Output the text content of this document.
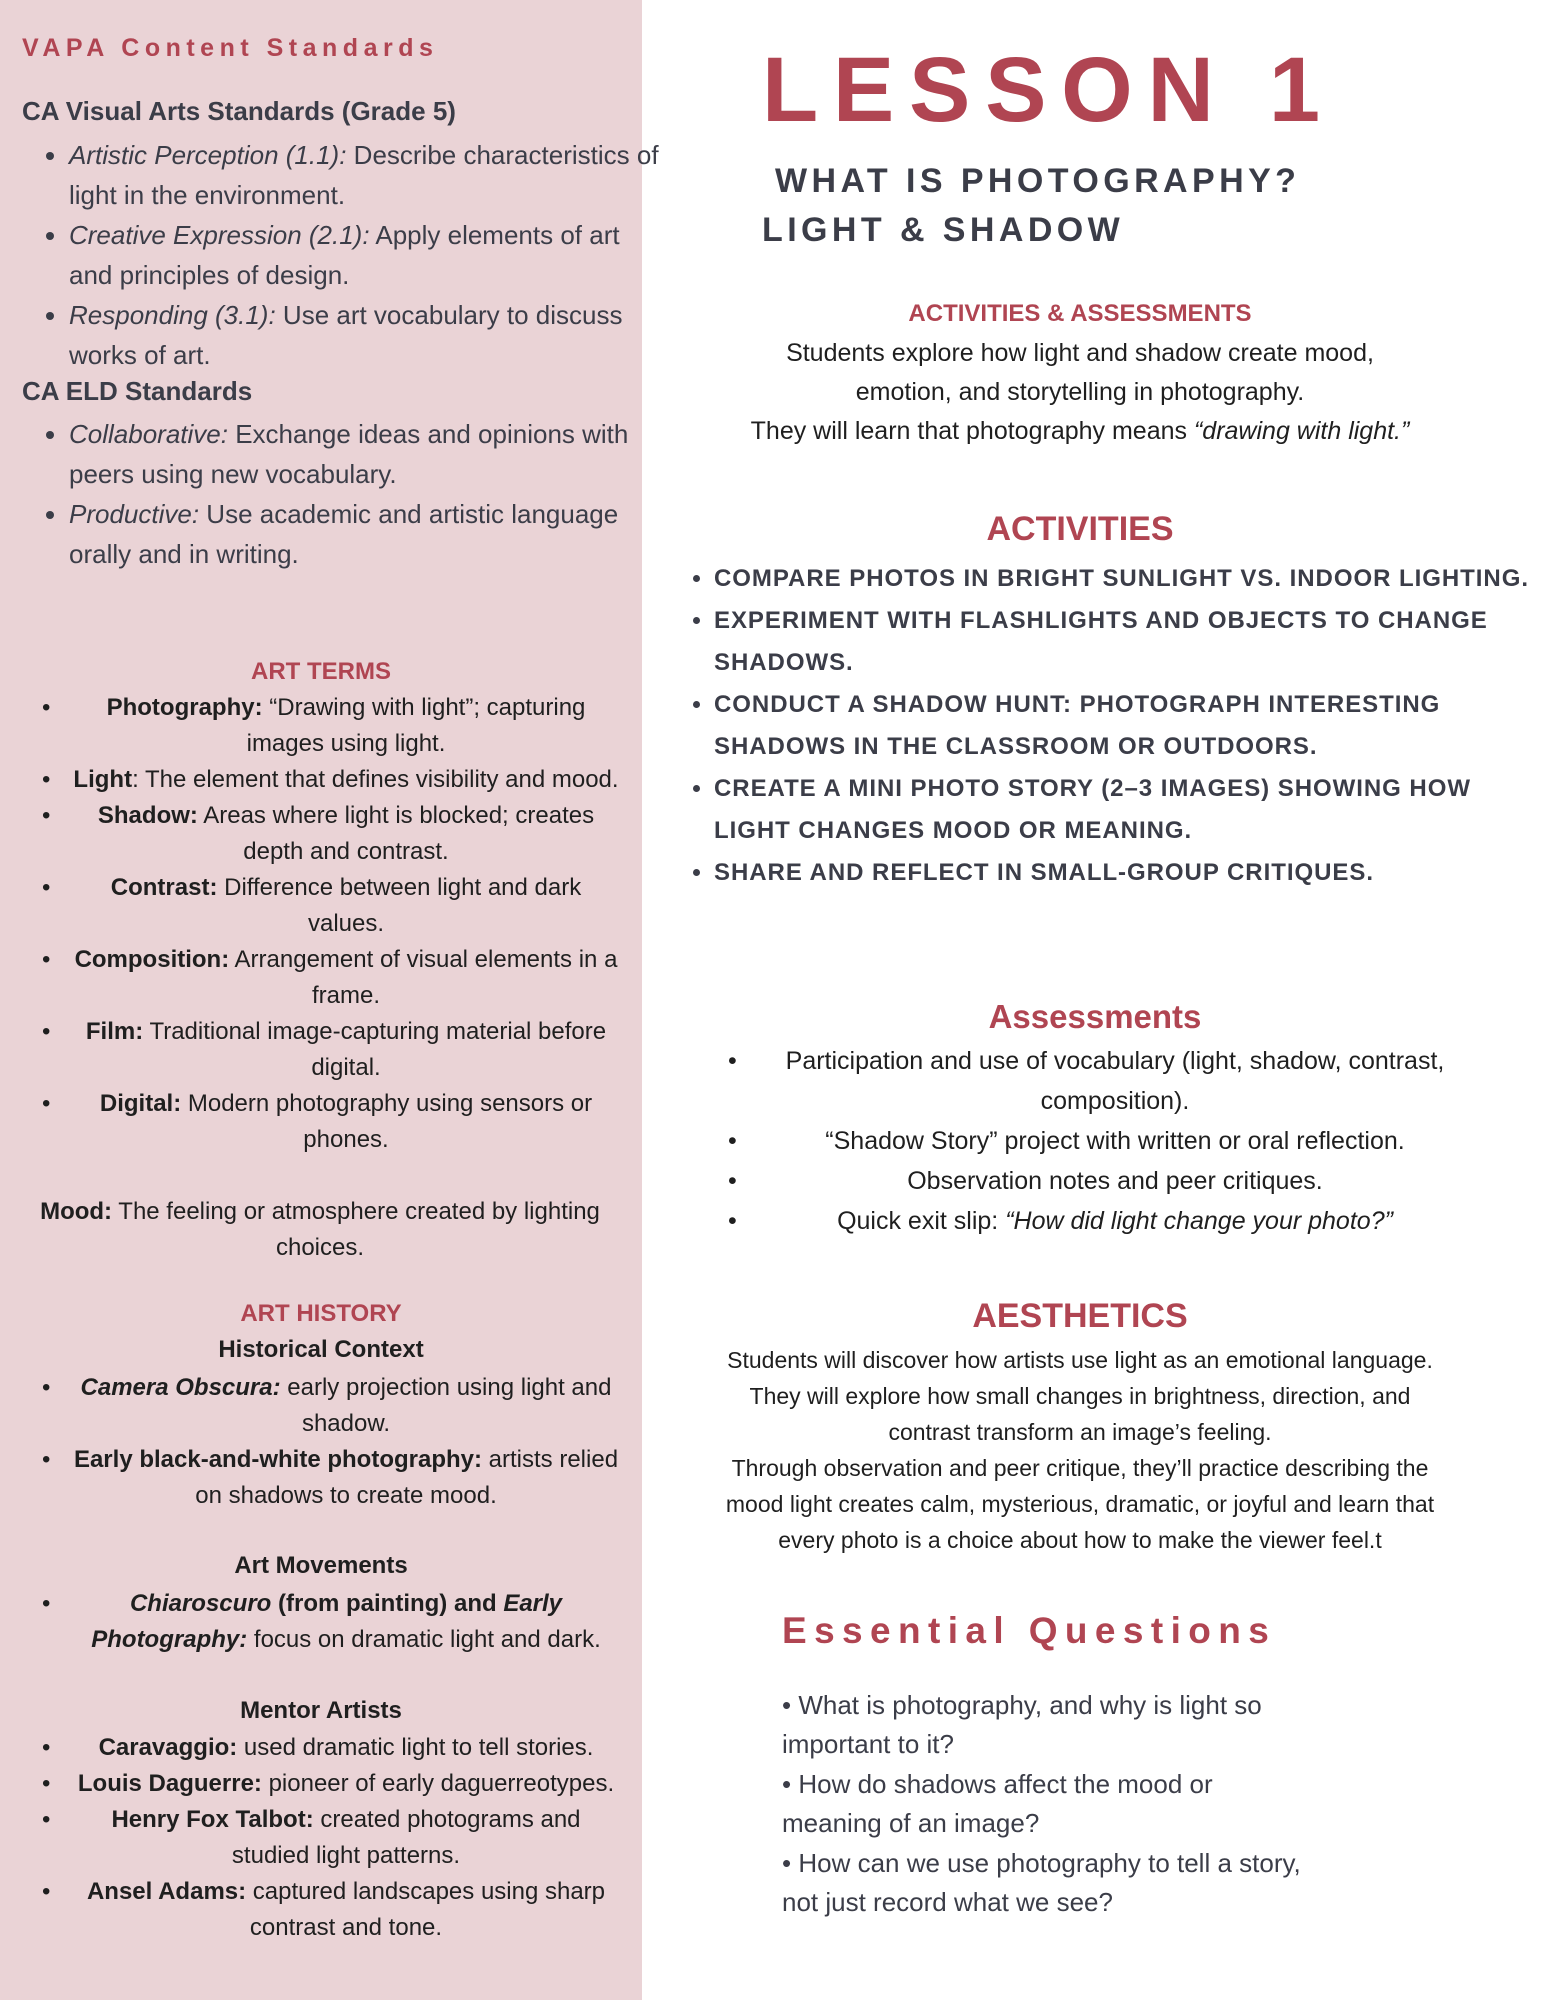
VAPA Content Standards
CA Visual Arts Standards (Grade 5)
• Artistic Perception (1.1): Describe characteristics of light in the environment.
• Creative Expression (2.1): Apply elements of art and principles of design.
• Responding (3.1): Use art vocabulary to discuss works of art.
CA ELD Standards
• Collaborative: Exchange ideas and opinions with peers using new vocabulary.
• Productive: Use academic and artistic language orally and in writing.
ART TERMS
• Photography: “Drawing with light”; capturing images using light.
• Light: The element that defines visibility and mood.
• Shadow: Areas where light is blocked; creates depth and contrast.
•	Contrast: Difference between light and dark values.
• Composition: Arrangement of visual elements in a frame.
• Film: Traditional image-capturing material before digital.
• Digital: Modern photography using sensors or phones.
Mood: The feeling or atmosphere created by lighting choices.
ART HISTORY
Historical Context
• Camera Obscura: early projection using light and shadow.
• Early black-and-white photography: artists relied on shadows to create mood.
Art Movements
•	Chiaroscuro (from painting) and Early Photography: focus on dramatic light and dark.
Mentor Artists
• Caravaggio: used dramatic light to tell stories.
• Louis Daguerre: pioneer of early daguerreotypes.
•	Henry Fox Talbot: created photograms and studied light patterns.
• Ansel Adams: captured landscapes using sharp contrast and tone.
LESSON 1
WHAT IS PHOTOGRAPHY?
LIGHT & SHADOW
ACTIVITIES & ASSESSMENTS
Students explore how light and shadow create mood,
emotion, and storytelling in photography.
They will learn that photography means “drawing with light.”
ACTIVITIES
• COMPARE PHOTOS IN BRIGHT SUNLIGHT VS. INDOOR LIGHTING.
• EXPERIMENT WITH FLASHLIGHTS AND OBJECTS TO CHANGE SHADOWS.
• CONDUCT A SHADOW HUNT: PHOTOGRAPH INTERESTING SHADOWS IN THE CLASSROOM OR OUTDOORS.
• CREATE A MINI PHOTO STORY (2–3 IMAGES) SHOWING HOW LIGHT CHANGES MOOD OR MEANING.
• SHARE AND REFLECT IN SMALL-GROUP CRITIQUES.
Assessments
• Participation and use of vocabulary (light, shadow, contrast, composition).
•	“Shadow Story” project with written or oral reflection.
•	Observation notes and peer critiques.
•	Quick exit slip: “How did light change your photo?”
AESTHETICS
Students will discover how artists use light as an emotional language.
They will explore how small changes in brightness, direction, and
contrast transform an image’s feeling.
Through observation and peer critique, they’ll practice describing the
mood light creates calm, mysterious, dramatic, or joyful and learn that
every photo is a choice about how to make the viewer feel.t
Essential Questions
• What is photography, and why is light so
important to it?
• How do shadows affect the mood or
meaning of an image?
• How can we use photography to tell a story,
not just record what we see?
